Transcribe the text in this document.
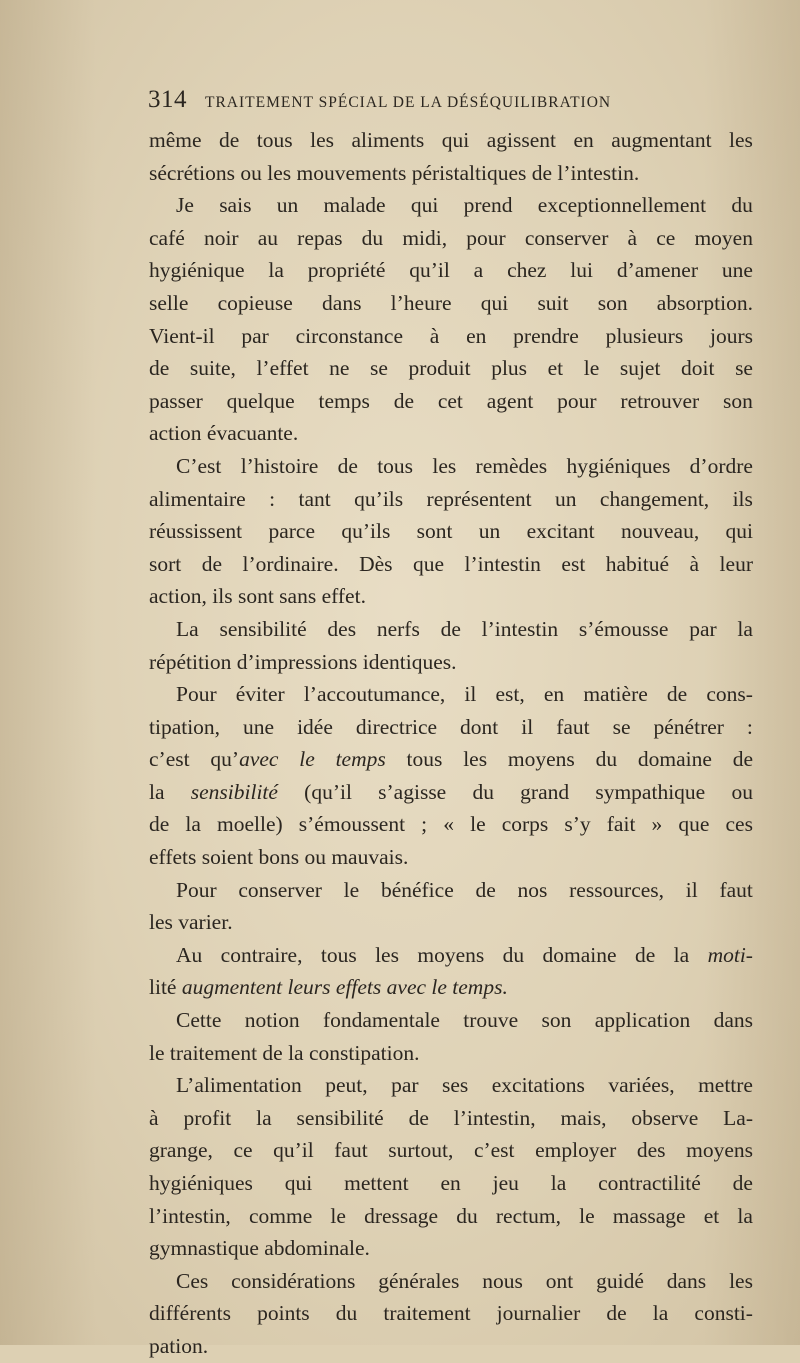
314 TRAITEMENT SPÉCIAL DE LA DÉSÉQUILIBRATION
même de tous les aliments qui agissent en augmentant les
sécrétions ou les mouvements péristaltiques de l’intestin.
Je sais un malade qui prend exceptionnellement du
café noir au repas du midi, pour conserver à ce moyen
hygiénique la propriété qu’il a chez lui d’amener une
selle copieuse dans l’heure qui suit son absorption.
Vient-il par circonstance à en prendre plusieurs jours
de suite, l’effet ne se produit plus et le sujet doit se
passer quelque temps de cet agent pour retrouver son
action évacuante.
C’est l’histoire de tous les remèdes hygiéniques d’ordre
alimentaire : tant qu’ils représentent un changement, ils
réussissent parce qu’ils sont un excitant nouveau, qui
sort de l’ordinaire. Dès que l’intestin est habitué à leur
action, ils sont sans effet.
La sensibilité des nerfs de l’intestin s’émousse par la
répétition d’impressions identiques.
Pour éviter l’accoutumance, il est, en matière de cons-
tipation, une idée directrice dont il faut se pénétrer :
c’est qu’avec le temps tous les moyens du domaine de
la sensibilité (qu’il s’agisse du grand sympathique ou
de la moelle) s’émoussent ; « le corps s’y fait » que ces
effets soient bons ou mauvais.
Pour conserver le bénéfice de nos ressources, il faut
les varier.
Au contraire, tous les moyens du domaine de la moti-
lité augmentent leurs effets avec le temps.
Cette notion fondamentale trouve son application dans
le traitement de la constipation.
L’alimentation peut, par ses excitations variées, mettre
à profit la sensibilité de l’intestin, mais, observe La-
grange, ce qu’il faut surtout, c’est employer des moyens
hygiéniques qui mettent en jeu la contractilité de
l’intestin, comme le dressage du rectum, le massage et la
gymnastique abdominale.
Ces considérations générales nous ont guidé dans les
différents points du traitement journalier de la consti-
pation.
